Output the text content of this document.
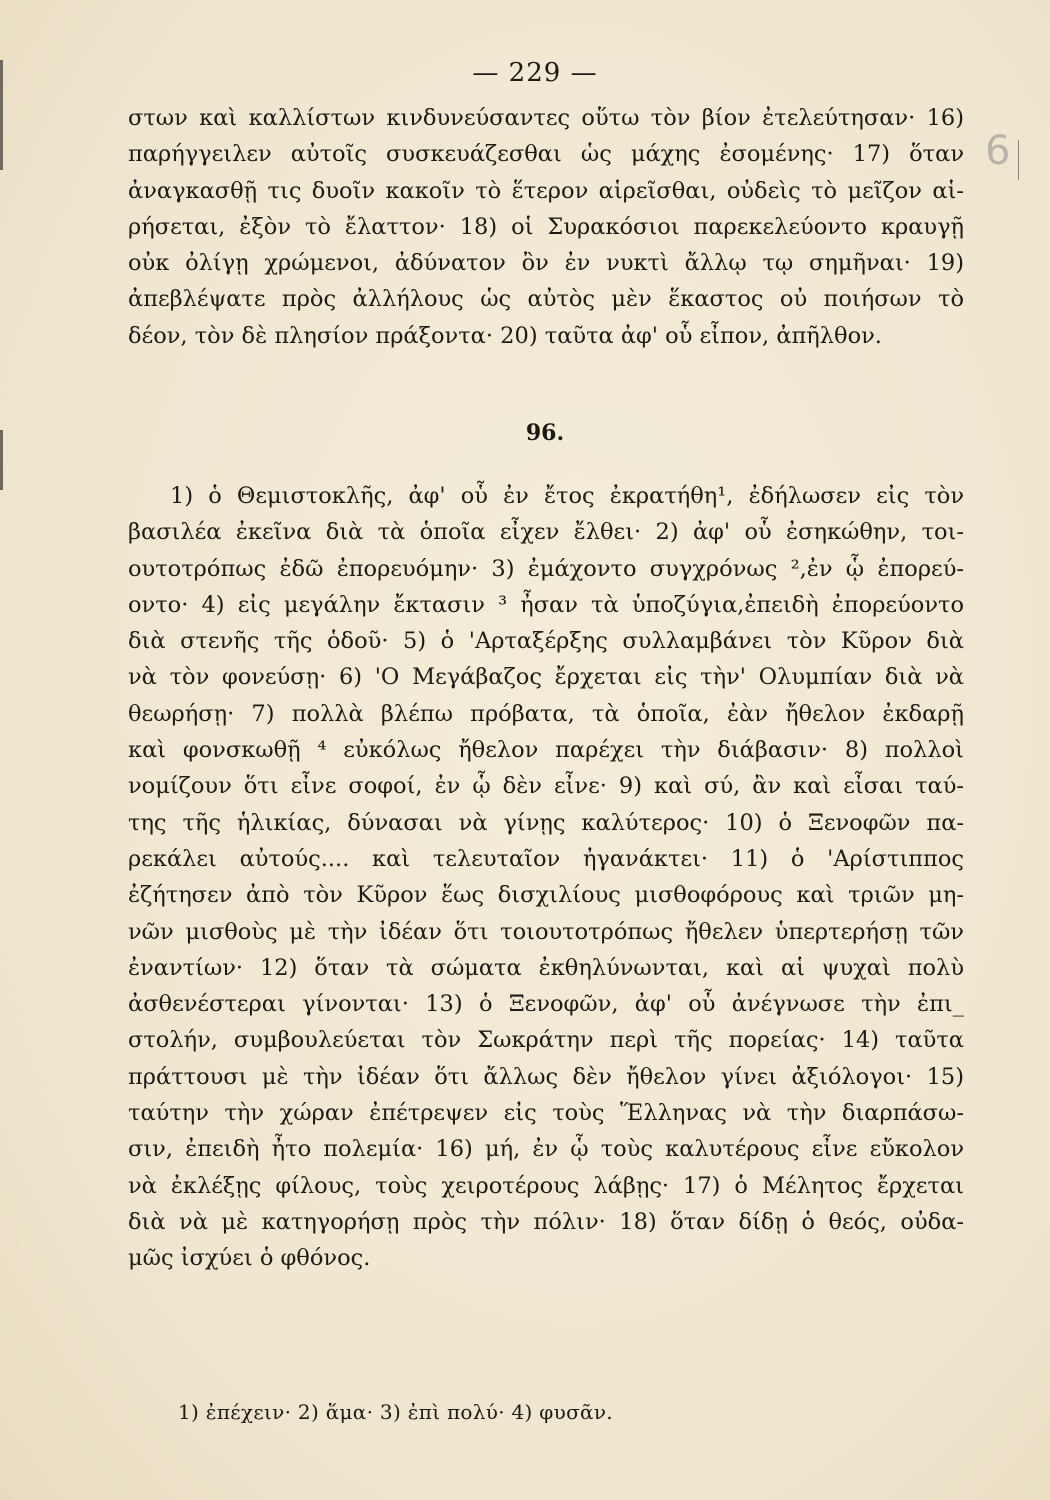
6
— 229 —
στων καὶ καλλίστων κινδυνεύσαντες οὕτω τὸν βίον ἐτελεύτησαν· 16)
παρήγγειλεν αὐτοῖς συσκευάζεσθαι ὡς μάχης ἐσομένης· 17) ὅταν
ἀναγκασθῇ τις δυοῖν κακοῖν τὸ ἕτερον αἱρεῖσθαι, οὐδεὶς τὸ μεῖζον αἱ-
ρήσεται, ἐξὸν τὸ ἔλαττον· 18) οἱ Συρακόσιοι παρεκελεύοντο κραυγῇ
οὐκ ὀλίγῃ χρώμενοι, ἀδύνατον ὂν ἐν νυκτὶ ἄλλῳ τῳ σημῆναι· 19)
ἀπεβλέψατε πρὸς ἀλλήλους ὡς αὐτὸς μὲν ἕκαστος οὐ ποιήσων τὸ
δέον, τὸν δὲ πλησίον πράξοντα· 20) ταῦτα ἀφ' οὗ εἶπον, ἀπῆλθον.
96.
1) ὁ Θεμιστοκλῆς, ἀφ' οὗ ἐν ἔτος ἐκρατήθη¹, ἐδήλωσεν εἰς τὸν
βασιλέα ἐκεῖνα διὰ τὰ ὁποῖα εἶχεν ἔλθει· 2) ἀφ' οὗ ἐσηκώθην, τοι-
ουτοτρόπως ἐδῶ ἐπορευόμην· 3) ἐμάχοντο συγχρόνως ²,ἐν ᾧ ἐπορεύ-
οντο· 4) εἰς μεγάλην ἔκτασιν ³ ἦσαν τὰ ὑποζύγια,ἐπειδὴ ἐπορεύοντο
διὰ στενῆς τῆς ὁδοῦ· 5) ὁ 'Αρταξέρξης συλλαμβάνει τὸν Κῦρον διὰ
νὰ τὸν φονεύσῃ· 6) 'Ο Μεγάβαζος ἔρχεται εἰς τὴν' Ολυμπίαν διὰ νὰ
θεωρήσῃ· 7) πολλὰ βλέπω πρόβατα, τὰ ὁποῖα, ἐὰν ἤθελον ἐκδαρῇ
καὶ φονσκωθῇ ⁴ εὐκόλως ἤθελον παρέχει τὴν διάβασιν· 8) πολλοὶ
νομίζουν ὅτι εἶνε σοφοί, ἐν ᾧ δὲν εἶνε· 9) καὶ σύ, ἂν καὶ εἶσαι ταύ-
της τῆς ἡλικίας, δύνασαι νὰ γίνῃς καλύτερος· 10) ὁ Ξενοφῶν πα-
ρεκάλει αὐτούς.... καὶ τελευταῖον ἠγανάκτει· 11) ὁ 'Αρίστιππος
ἐζήτησεν ἀπὸ τὸν Κῦρον ἕως δισχιλίους μισθοφόρους καὶ τριῶν μη-
νῶν μισθοὺς μὲ τὴν ἰδέαν ὅτι τοιουτοτρόπως ἤθελεν ὑπερτερήσῃ τῶν
ἐναντίων· 12) ὅταν τὰ σώματα ἐκθηλύνωνται, καὶ αἱ ψυχαὶ πολὺ
ἀσθενέστεραι γίνονται· 13) ὁ Ξενοφῶν, ἀφ' οὗ ἀνέγνωσε τὴν ἐπι_
στολήν, συμβουλεύεται τὸν Σωκράτην περὶ τῆς πορείας· 14) ταῦτα
πράττουσι μὲ τὴν ἰδέαν ὅτι ἄλλως δὲν ἤθελον γίνει ἀξιόλογοι· 15)
ταύτην τὴν χώραν ἐπέτρεψεν εἰς τοὺς Ἕλληνας νὰ τὴν διαρπάσω-
σιν, ἐπειδὴ ἦτο πολεμία· 16) μή, ἐν ᾧ τοὺς καλυτέρους εἶνε εὔκολον
νὰ ἐκλέξῃς φίλους, τοὺς χειροτέρους λάβῃς· 17) ὁ Μέλητος ἔρχεται
διὰ νὰ μὲ κατηγορήσῃ πρὸς τὴν πόλιν· 18) ὅταν δίδῃ ὁ θεός, οὐδα-
μῶς ἰσχύει ὁ φθόνος.
1) ἐπέχειν· 2) ἅμα· 3) ἐπὶ πολύ· 4) φυσᾶν.
